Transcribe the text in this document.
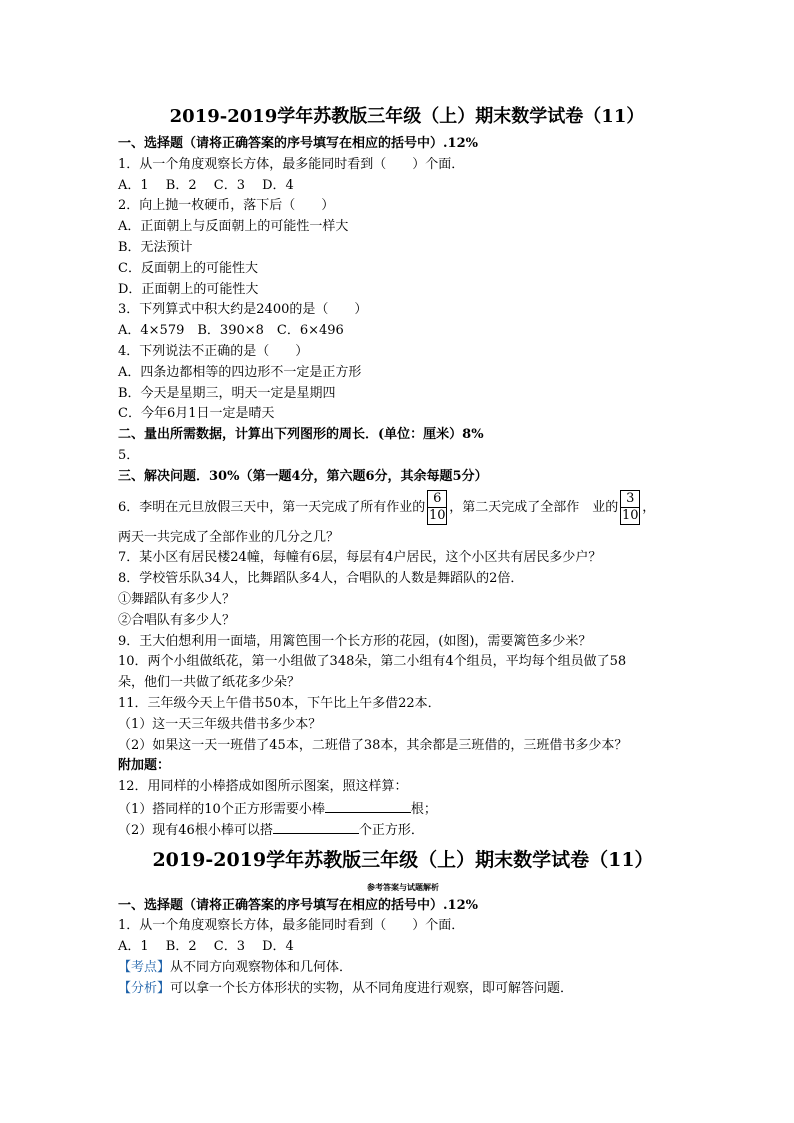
2019-2019学年苏教版三年级（上）期末数学试卷（11）
一、选择题（请将正确答案的序号填写在相应的括号中）.12%
1．从一个角度观察长方体，最多能同时看到（　　）个面．
A．1　 B．2　 C．3　 D．4
2．向上抛一枚硬币，落下后（　　）
A．正面朝上与反面朝上的可能性一样大
B．无法预计
C．反面朝上的可能性大
D．正面朝上的可能性大
3．下列算式中积大约是2400的是（　　）
A．4×579　B．390×8　C．6×496
4．下列说法不正确的是（　　）
A．四条边都相等的四边形不一定是正方形
B．今天是星期三，明天一定是星期四
C．今年6月1日一定是晴天
二、量出所需数据，计算出下列图形的周长．(单位：厘米）8%
5．
三、解决问题．30%（第一题4分，第六题6分，其余每题5分）
6．李明在元旦放假三天中，第一天完成了所有作业的 $\frac{6}{10}$ ，第二天完成了全部作　业的 $\frac{3}{10}$ ，
两天一共完成了全部作业的几分之几？
7．某小区有居民楼24幢，每幢有6层，每层有4户居民，这个小区共有居民多少户？
8．学校管乐队34人，比舞蹈队多4人，合唱队的人数是舞蹈队的2倍．
①舞蹈队有多少人？
②合唱队有多少人？
9．王大伯想利用一面墙，用篱笆围一个长方形的花园，(如图)，需要篱笆多少米？
10．两个小组做纸花，第一小组做了348朵，第二小组有4个组员，平均每个组员做了58
朵，他们一共做了纸花多少朵？
11．三年级今天上午借书50本，下午比上午多借22本．
（1）这一天三年级共借书多少本？
（2）如果这一天一班借了45本，二班借了38本，其余都是三班借的，三班借书多少本？
附加题：
12．用同样的小棒搭成如图所示图案，照这样算：
（1）搭同样的10个正方形需要小棒	根；
（2）现有46根小棒可以搭	个正方形．
2019-2019学年苏教版三年级（上）期末数学试卷（11）
参考答案与试题解析
一、选择题（请将正确答案的序号填写在相应的括号中）.12%
1．从一个角度观察长方体，最多能同时看到（　　）个面．
A．1　 B．2　 C．3　 D．4
【考点】从不同方向观察物体和几何体．
【分析】可以拿一个长方体形状的实物，从不同角度进行观察，即可解答问题．
